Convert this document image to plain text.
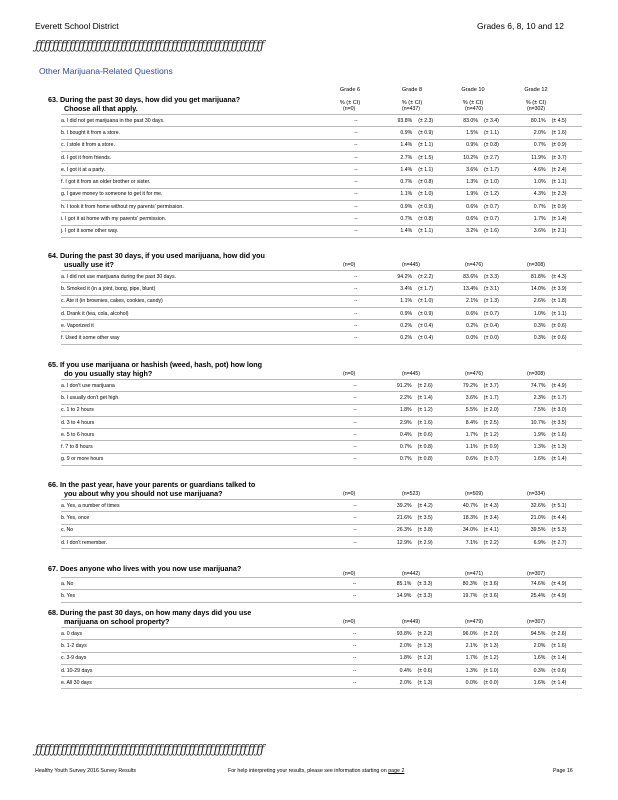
Everett School District	Grades 6, 8, 10 and 12
ƒƒƒƒƒƒƒƒƒƒƒƒƒƒƒƒƒƒƒƒƒƒƒƒƒƒƒƒƒƒƒƒƒƒƒƒƒƒƒƒƒƒƒƒƒƒƒƒƒƒƒƒƒƒ
Other Marijuana-Related Questions
Grade 6	Grade 8	Grade 10	Grade 12
% (± CI)	% (± CI)	% (± CI)	% (± CI)
63. During the past 30 days, how did you get marijuana?
Choose all that apply.	(n=0)	(n=437)	(n=470)	(n=302)
a. I did not get marijuana in the past 30 days.	--	93.8%	(± 2.3)	83.0%	(± 3.4)	80.1%	(± 4.5)
b. I bought it from a store.	--	0.9%	(± 0.9)	1.5%	(± 1.1)	2.0%	(± 1.6)
c. I stole it from a store.	--	1.4%	(± 1.1)	0.9%	(± 0.8)	0.7%	(± 0.9)
d. I got it from friends.	--	2.7%	(± 1.5)	10.2%	(± 2.7)	11.9%	(± 3.7)
e. I got it at a party.	--	1.4%	(± 1.1)	3.6%	(± 1.7)	4.6%	(± 2.4)
f. I got it from an older brother or sister.	--	0.7%	(± 0.8)	1.3%	(± 1.0)	1.0%	(± 1.1)
g. I gave money to someone to get it for me.	--	1.1%	(± 1.0)	1.9%	(± 1.2)	4.3%	(± 2.3)
h. I took it from home without my parents' permission.	--	0.9%	(± 0.9)	0.6%	(± 0.7)	0.7%	(± 0.9)
i. I got it at home with my parents' permission.	--	0.7%	(± 0.8)	0.6%	(± 0.7)	1.7%	(± 1.4)
j. I got it some other way.	--	1.4%	(± 1.1)	3.2%	(± 1.6)	3.6%	(± 2.1)
64. During the past 30 days, if you used marijuana, how did you
usually use it?	(n=0)	(n=445)	(n=476)	(n=308)
a. I did not use marijuana during the past 30 days.	--	94.2%	(± 2.2)	83.6%	(± 3.3)	81.8%	(± 4.3)
b. Smoked it (in a joint, bong, pipe, blunt)	--	3.4%	(± 1.7)	13.4%	(± 3.1)	14.0%	(± 3.9)
c. Ate it (in brownies, cakes, cookies, candy)	--	1.1%	(± 1.0)	2.1%	(± 1.3)	2.6%	(± 1.8)
d. Drank it (tea, cola, alcohol)	--	0.9%	(± 0.9)	0.6%	(± 0.7)	1.0%	(± 1.1)
e. Vaporized it	--	0.2%	(± 0.4)	0.2%	(± 0.4)	0.3%	(± 0.6)
f. Used it some other way	--	0.2%	(± 0.4)	0.0%	(± 0.0)	0.3%	(± 0.6)
65. If you use marijuana or hashish (weed, hash, pot) how long
do you usually stay high?	(n=0)	(n=445)	(n=476)	(n=308)
a. I don't use marijuana	--	91.2%	(± 2.6)	79.2%	(± 3.7)	74.7%	(± 4.9)
b. I usually don't get high.	--	2.2%	(± 1.4)	3.6%	(± 1.7)	2.3%	(± 1.7)
c. 1 to 2 hours	--	1.8%	(± 1.2)	5.5%	(± 2.0)	7.5%	(± 3.0)
d. 3 to 4 hours	--	2.9%	(± 1.6)	8.4%	(± 2.5)	10.7%	(± 3.5)
e. 5 to 6 hours	--	0.4%	(± 0.6)	1.7%	(± 1.2)	1.9%	(± 1.6)
f. 7 to 8 hours	--	0.7%	(± 0.8)	1.1%	(± 0.9)	1.3%	(± 1.3)
g. 9 or more hours	--	0.7%	(± 0.8)	0.6%	(± 0.7)	1.6%	(± 1.4)
66. In the past year, have your parents or guardians talked to
you about why you should not use marijuana?	(n=0)	(n=523)	(n=509)	(n=334)
a. Yes, a number of times	--	39.2%	(± 4.2)	40.7%	(± 4.3)	32.6%	(± 5.1)
b. Yes, once	--	21.6%	(± 3.5)	18.3%	(± 3.4)	21.0%	(± 4.4)
c. No	--	26.3%	(± 3.8)	34.0%	(± 4.1)	39.5%	(± 5.3)
d. I don't remember.	--	12.9%	(± 2.9)	7.1%	(± 2.2)	6.9%	(± 2.7)
67. Does anyone who lives with you now use marijuana?
(n=0)	(n=442)	(n=471)	(n=307)
a. No	--	85.1%	(± 3.3)	80.3%	(± 3.6)	74.6%	(± 4.9)
b. Yes	--	14.9%	(± 3.3)	19.7%	(± 3.6)	25.4%	(± 4.9)
68. During the past 30 days, on how many days did you use
marijuana on school property?	(n=0)	(n=449)	(n=479)	(n=307)
a. 0 days	--	93.8%	(± 2.2)	96.0%	(± 2.0)	94.5%	(± 2.6)
b. 1-2 days	--	2.0%	(± 1.3)	2.1%	(± 1.3)	2.0%	(± 1.6)
c. 3-9 days	--	1.8%	(± 1.2)	1.7%	(± 1.2)	1.6%	(± 1.4)
d. 10-29 days	--	0.4%	(± 0.6)	1.3%	(± 1.0)	0.3%	(± 0.6)
e. All 30 days	--	2.0%	(± 1.3)	0.0%	(± 0.0)	1.6%	(± 1.4)
ƒƒƒƒƒƒƒƒƒƒƒƒƒƒƒƒƒƒƒƒƒƒƒƒƒƒƒƒƒƒƒƒƒƒƒƒƒƒƒƒƒƒƒƒƒƒƒƒƒƒƒƒƒƒ
Healthy Youth Survey 2016 Survey Results	For help interpreting your results, please see information starting on page 2	Page 16
